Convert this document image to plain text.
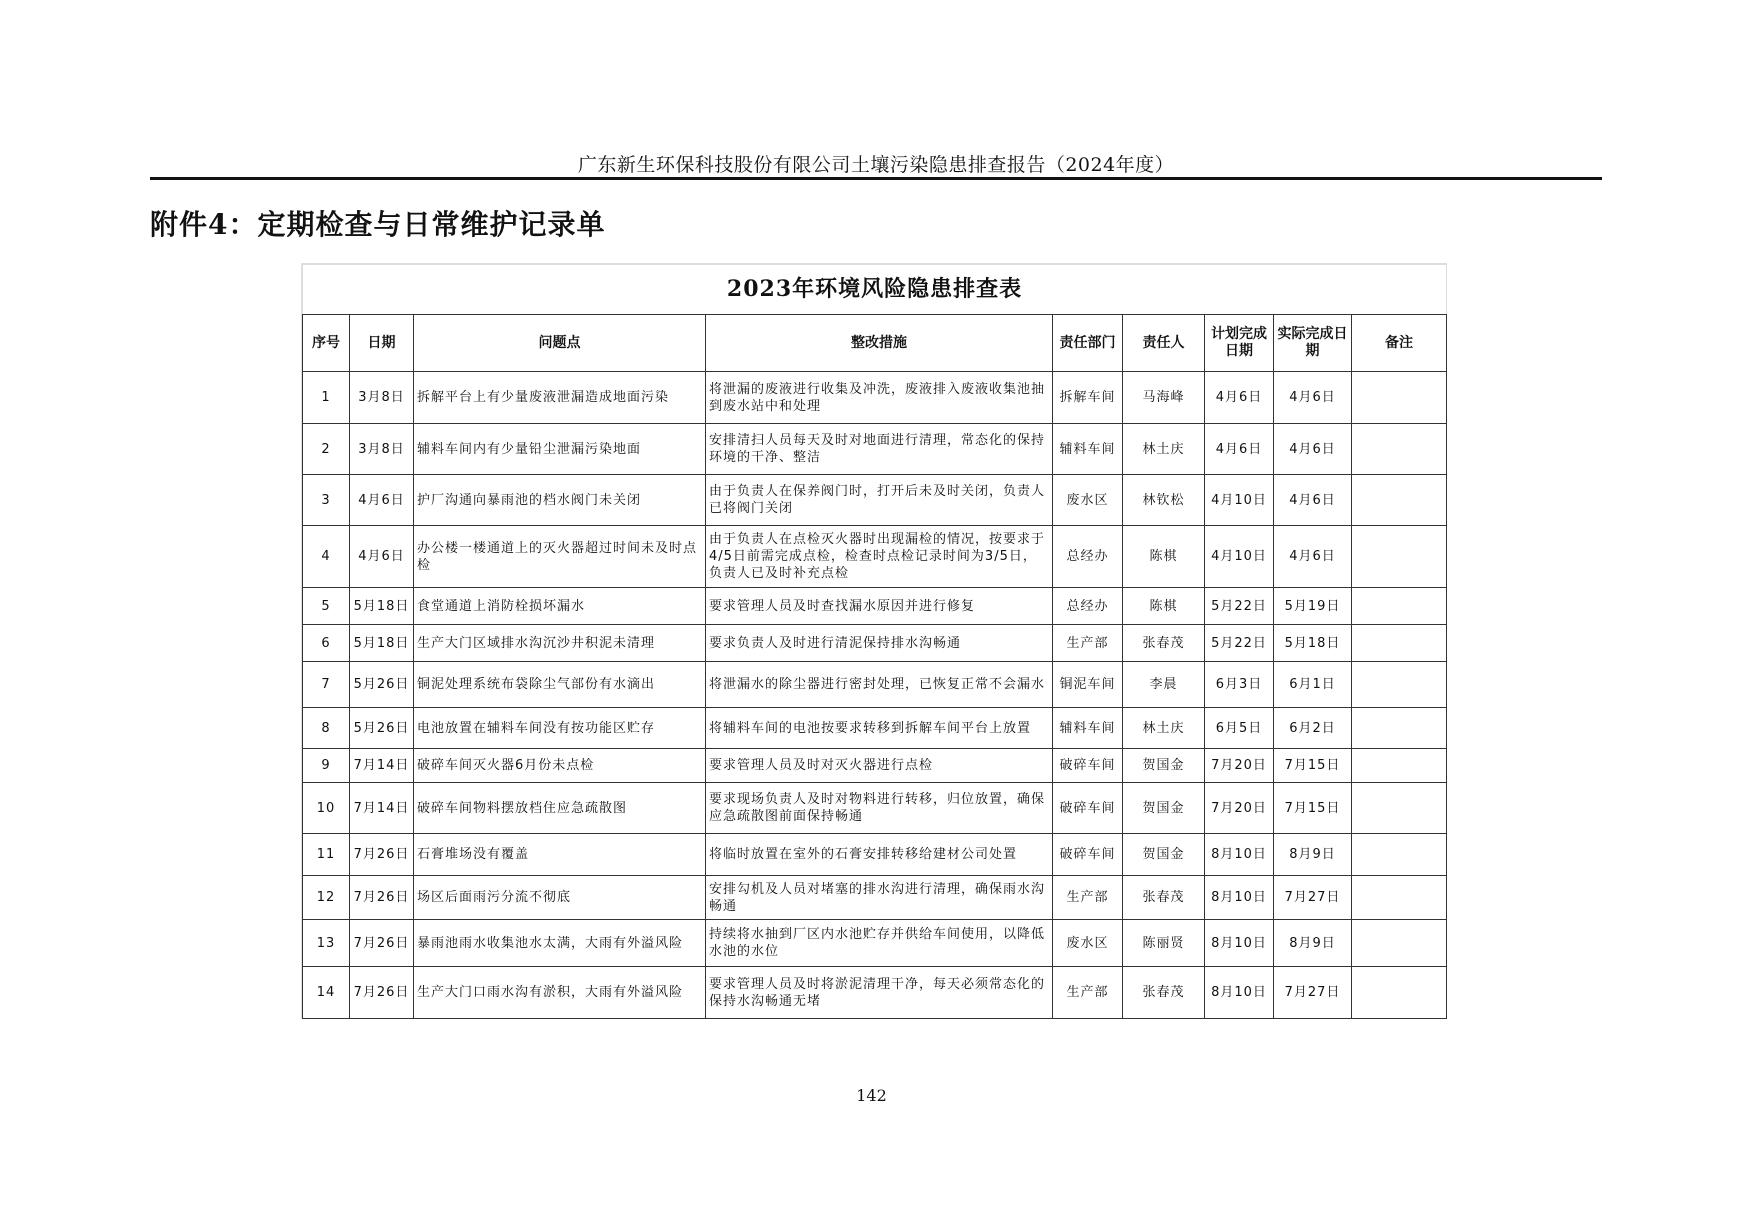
广东新生环保科技股份有限公司土壤污染隐患排查报告（2024年度）
附件4：定期检查与日常维护记录单
2023年环境风险隐患排查表								
序号	日期	问题点	整改措施	责任部门	责任人	计划完成日期	实际完成日期	备注
1	3月8日	拆解平台上有少量废液泄漏造成地面污染	将泄漏的废液进行收集及冲洗，废液排入废液收集池抽到废水站中和处理	拆解车间	马海峰	4月6日	4月6日	
2	3月8日	辅料车间内有少量铅尘泄漏污染地面	安排清扫人员每天及时对地面进行清理，常态化的保持环境的干净、整洁	辅料车间	林土庆	4月6日	4月6日	
3	4月6日	护厂沟通向暴雨池的档水阀门未关闭	由于负责人在保养阀门时，打开后未及时关闭，负责人已将阀门关闭	废水区	林钦松	4月10日	4月6日	
4	4月6日	办公楼一楼通道上的灭火器超过时间未及时点检	由于负责人在点检灭火器时出现漏检的情况，按要求于4/5日前需完成点检，检查时点检记录时间为3/5日，负责人已及时补充点检	总经办	陈棋	4月10日	4月6日	
5	5月18日	食堂通道上消防栓损坏漏水	要求管理人员及时查找漏水原因并进行修复	总经办	陈棋	5月22日	5月19日	
6	5月18日	生产大门区域排水沟沉沙井积泥未清理	要求负责人及时进行清泥保持排水沟畅通	生产部	张春茂	5月22日	5月18日	
7	5月26日	铜泥处理系统布袋除尘气部份有水滴出	将泄漏水的除尘器进行密封处理，已恢复正常不会漏水	铜泥车间	李晨	6月3日	6月1日	
8	5月26日	电池放置在辅料车间没有按功能区贮存	将辅料车间的电池按要求转移到拆解车间平台上放置	辅料车间	林土庆	6月5日	6月2日	
9	7月14日	破碎车间灭火器6月份未点检	要求管理人员及时对灭火器进行点检	破碎车间	贺国金	7月20日	7月15日	
10	7月14日	破碎车间物料摆放档住应急疏散图	要求现场负责人及时对物料进行转移，归位放置，确保应急疏散图前面保持畅通	破碎车间	贺国金	7月20日	7月15日	
11	7月26日	石膏堆场没有覆盖	将临时放置在室外的石膏安排转移给建材公司处置	破碎车间	贺国金	8月10日	8月9日	
12	7月26日	场区后面雨污分流不彻底	安排勾机及人员对堵塞的排水沟进行清理，确保雨水沟畅通	生产部	张春茂	8月10日	7月27日	
13	7月26日	暴雨池雨水收集池水太满，大雨有外溢风险	持续将水抽到厂区内水池贮存并供给车间使用，以降低水池的水位	废水区	陈丽贤	8月10日	8月9日	
14	7月26日	生产大门口雨水沟有淤积，大雨有外溢风险	要求管理人员及时将淤泥清理干净，每天必须常态化的保持水沟畅通无堵	生产部	张春茂	8月10日	7月27日	
142
